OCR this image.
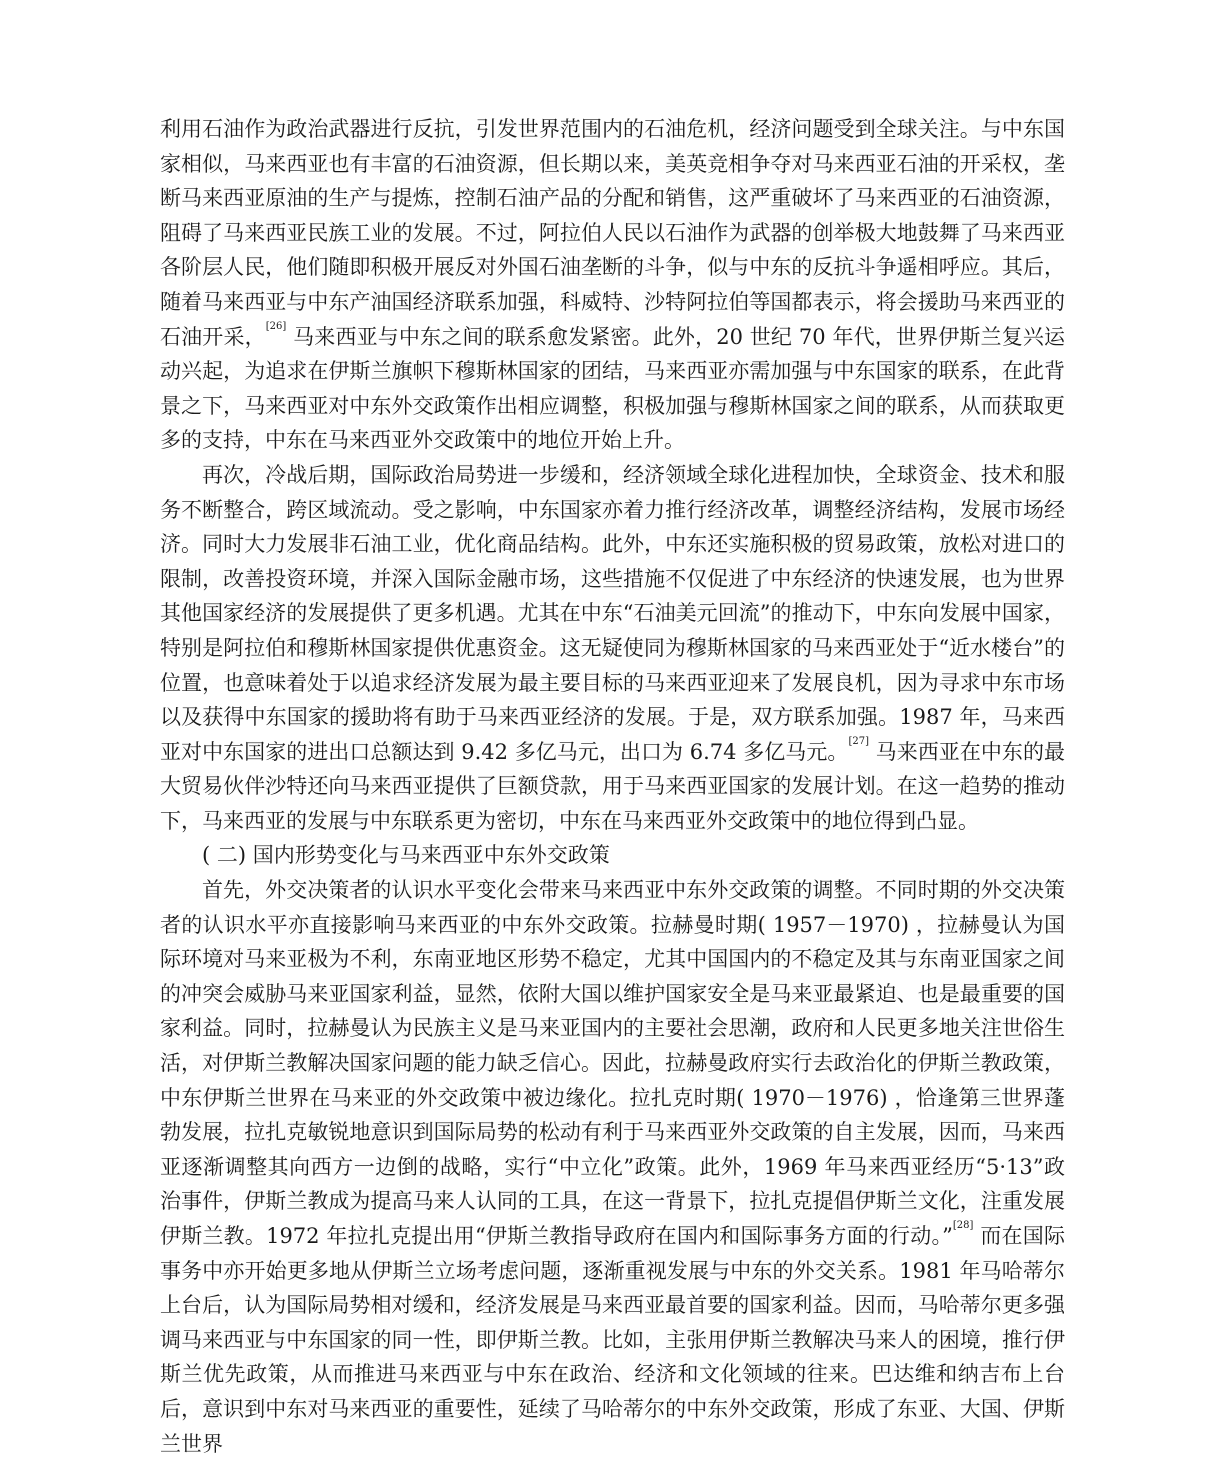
利用石油作为政治武器进行反抗，引发世界范围内的石油危机，经济问题受到全球关注。与中东国家相似，马来西亚也有丰富的石油资源，但长期以来，美英竞相争夺对马来西亚石油的开采权，垄断马来西亚原油的生产与提炼，控制石油产品的分配和销售，这严重破坏了马来西亚的石油资源，阻碍了马来西亚民族工业的发展。不过，阿拉伯人民以石油作为武器的创举极大地鼓舞了马来西亚各阶层人民，他们随即积极开展反对外国石油垄断的斗争，似与中东的反抗斗争遥相呼应。其后，随着马来西亚与中东产油国经济联系加强，科威特、沙特阿拉伯等国都表示，将会援助马来西亚的石油开采，[26] 马来西亚与中东之间的联系愈发紧密。此外，20 世纪 70 年代，世界伊斯兰复兴运动兴起，为追求在伊斯兰旗帜下穆斯林国家的团结，马来西亚亦需加强与中东国家的联系，在此背景之下，马来西亚对中东外交政策作出相应调整，积极加强与穆斯林国家之间的联系，从而获取更多的支持，中东在马来西亚外交政策中的地位开始上升。

再次，冷战后期，国际政治局势进一步缓和，经济领域全球化进程加快，全球资金、技术和服务不断整合，跨区域流动。受之影响，中东国家亦着力推行经济改革，调整经济结构，发展市场经济。同时大力发展非石油工业，优化商品结构。此外，中东还实施积极的贸易政策，放松对进口的限制，改善投资环境，并深入国际金融市场，这些措施不仅促进了中东经济的快速发展，也为世界其他国家经济的发展提供了更多机遇。尤其在中东“石油美元回流”的推动下，中东向发展中国家，特别是阿拉伯和穆斯林国家提供优惠资金。这无疑使同为穆斯林国家的马来西亚处于“近水楼台”的位置，也意味着处于以追求经济发展为最主要目标的马来西亚迎来了发展良机，因为寻求中东市场以及获得中东国家的援助将有助于马来西亚经济的发展。于是，双方联系加强。1987 年，马来西亚对中东国家的进出口总额达到 9.42 多亿马元，出口为 6.74 多亿马元。[27] 马来西亚在中东的最大贸易伙伴沙特还向马来西亚提供了巨额贷款，用于马来西亚国家的发展计划。在这一趋势的推动下，马来西亚的发展与中东联系更为密切，中东在马来西亚外交政策中的地位得到凸显。

( 二) 国内形势变化与马来西亚中东外交政策

首先，外交决策者的认识水平变化会带来马来西亚中东外交政策的调整。不同时期的外交决策者的认识水平亦直接影响马来西亚的中东外交政策。拉赫曼时期( 1957－1970) ，拉赫曼认为国际环境对马来亚极为不利，东南亚地区形势不稳定，尤其中国国内的不稳定及其与东南亚国家之间的冲突会威胁马来亚国家利益，显然，依附大国以维护国家安全是马来亚最紧迫、也是最重要的国家利益。同时，拉赫曼认为民族主义是马来亚国内的主要社会思潮，政府和人民更多地关注世俗生活，对伊斯兰教解决国家问题的能力缺乏信心。因此，拉赫曼政府实行去政治化的伊斯兰教政策，中东伊斯兰世界在马来亚的外交政策中被边缘化。拉扎克时期( 1970－1976) ，恰逢第三世界蓬勃发展，拉扎克敏锐地意识到国际局势的松动有利于马来西亚外交政策的自主发展，因而，马来西亚逐渐调整其向西方一边倒的战略，实行“中立化”政策。此外，1969 年马来西亚经历“5·13”政治事件，伊斯兰教成为提高马来人认同的工具，在这一背景下，拉扎克提倡伊斯兰文化，注重发展伊斯兰教。1972 年拉扎克提出用“伊斯兰教指导政府在国内和国际事务方面的行动。”[28] 而在国际事务中亦开始更多地从伊斯兰立场考虑问题，逐渐重视发展与中东的外交关系。1981 年马哈蒂尔上台后，认为国际局势相对缓和，经济发展是马来西亚最首要的国家利益。因而，马哈蒂尔更多强调马来西亚与中东国家的同一性，即伊斯兰教。比如，主张用伊斯兰教解决马来人的困境，推行伊斯兰优先政策，从而推进马来西亚与中东在政治、经济和文化领域的往来。巴达维和纳吉布上台后，意识到中东对马来西亚的重要性，延续了马哈蒂尔的中东外交政策，形成了东亚、大国、伊斯兰世界
